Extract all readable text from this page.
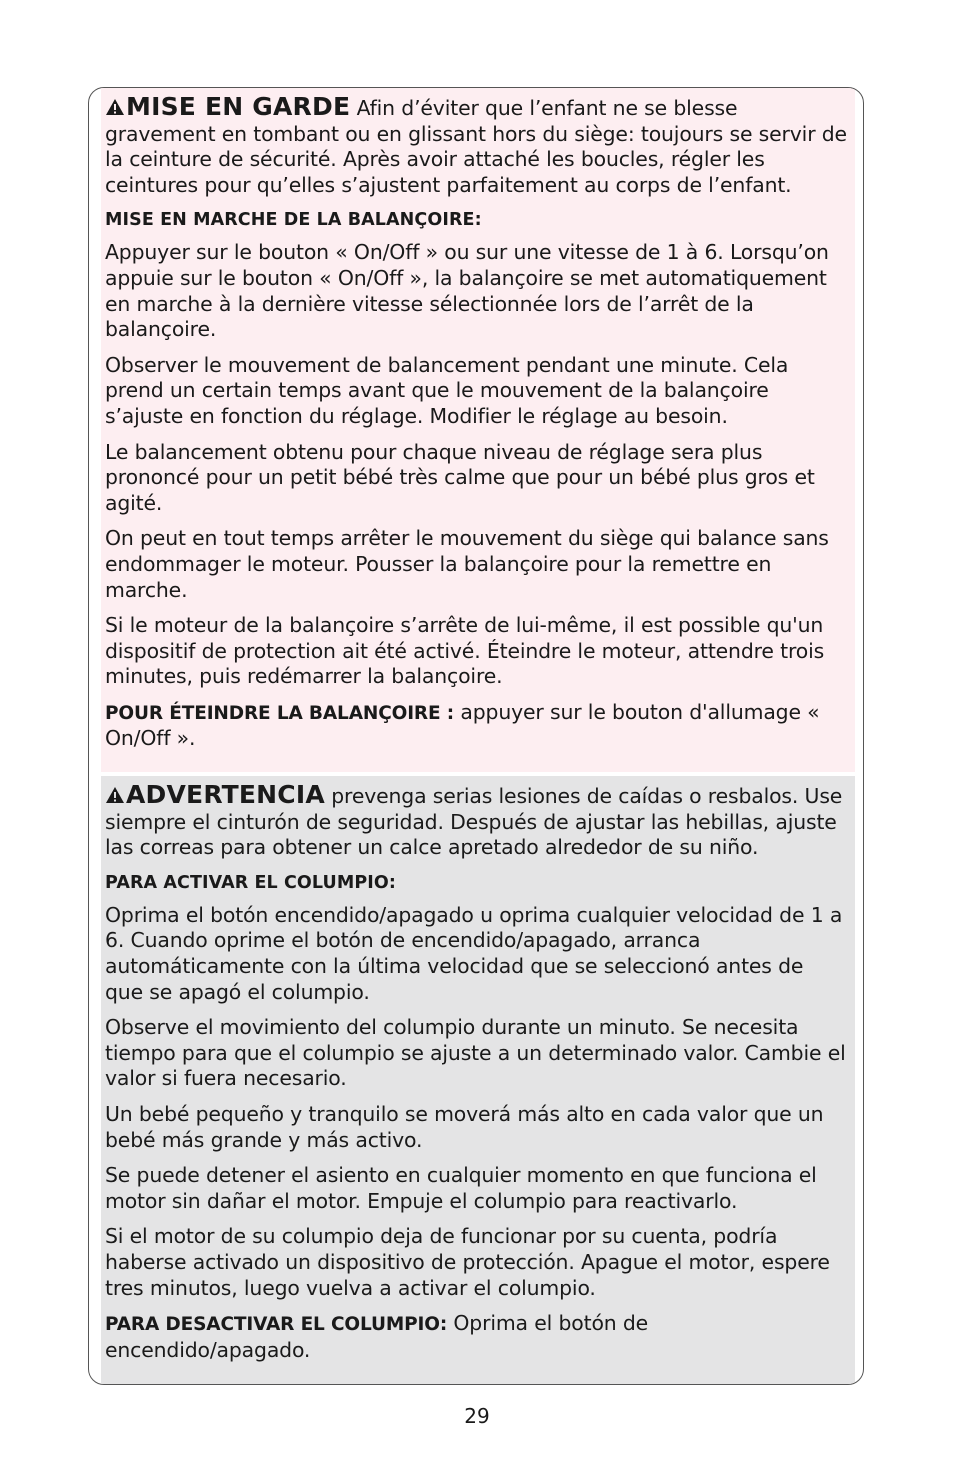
MISE EN GARDE Afin d’éviter que l’enfant ne se blesse gravement en tombant ou en glissant hors du siège: toujours se servir de la ceinture de sécurité. Après avoir attaché les boucles, régler les ceintures pour qu’elles s’ajustent parfaitement au corps de l’enfant.

MISE EN MARCHE DE LA BALANÇOIRE:

Appuyer sur le bouton « On/Off » ou sur une vitesse de 1 à 6. Lorsqu’on appuie sur le bouton « On/Off », la balançoire se met automatiquement en marche à la dernière vitesse sélectionnée lors de l’arrêt de la balançoire.

Observer le mouvement de balancement pendant une minute. Cela prend un certain temps avant que le mouvement de la balançoire s’ajuste en fonction du réglage. Modifier le réglage au besoin.

Le balancement obtenu pour chaque niveau de réglage sera plus prononcé pour un petit bébé très calme que pour un bébé plus gros et agité.

On peut en tout temps arrêter le mouvement du siège qui balance sans endommager le moteur. Pousser la balançoire pour la remettre en marche.

Si le moteur de la balançoire s’arrête de lui-même, il est possible qu'un dispositif de protection ait été activé. Éteindre le moteur, attendre trois minutes, puis redémarrer la balançoire.

POUR ÉTEINDRE LA BALANÇOIRE : appuyer sur le bouton d'allumage « On/Off ».

ADVERTENCIA prevenga serias lesiones de caídas o resbalos. Use siempre el cinturón de seguridad. Después de ajustar las hebillas, ajuste las correas para obtener un calce apretado alrededor de su niño.

PARA ACTIVAR EL COLUMPIO:

Oprima el botón encendido/apagado u oprima cualquier velocidad de 1 a 6. Cuando oprime el botón de encendido/apagado, arranca automáticamente con la última velocidad que se seleccionó antes de que se apagó el columpio.

Observe el movimiento del columpio durante un minuto. Se necesita tiempo para que el columpio se ajuste a un determinado valor. Cambie el valor si fuera necesario.

Un bebé pequeño y tranquilo se moverá más alto en cada valor que un bebé más grande y más activo.

Se puede detener el asiento en cualquier momento en que funciona el motor sin dañar el motor. Empuje el columpio para reactivarlo.

Si el motor de su columpio deja de funcionar por su cuenta, podría haberse activado un dispositivo de protección. Apague el motor, espere tres minutos, luego vuelva a activar el columpio.

PARA DESACTIVAR EL COLUMPIO: Oprima el botón de encendido/apagado.

29
